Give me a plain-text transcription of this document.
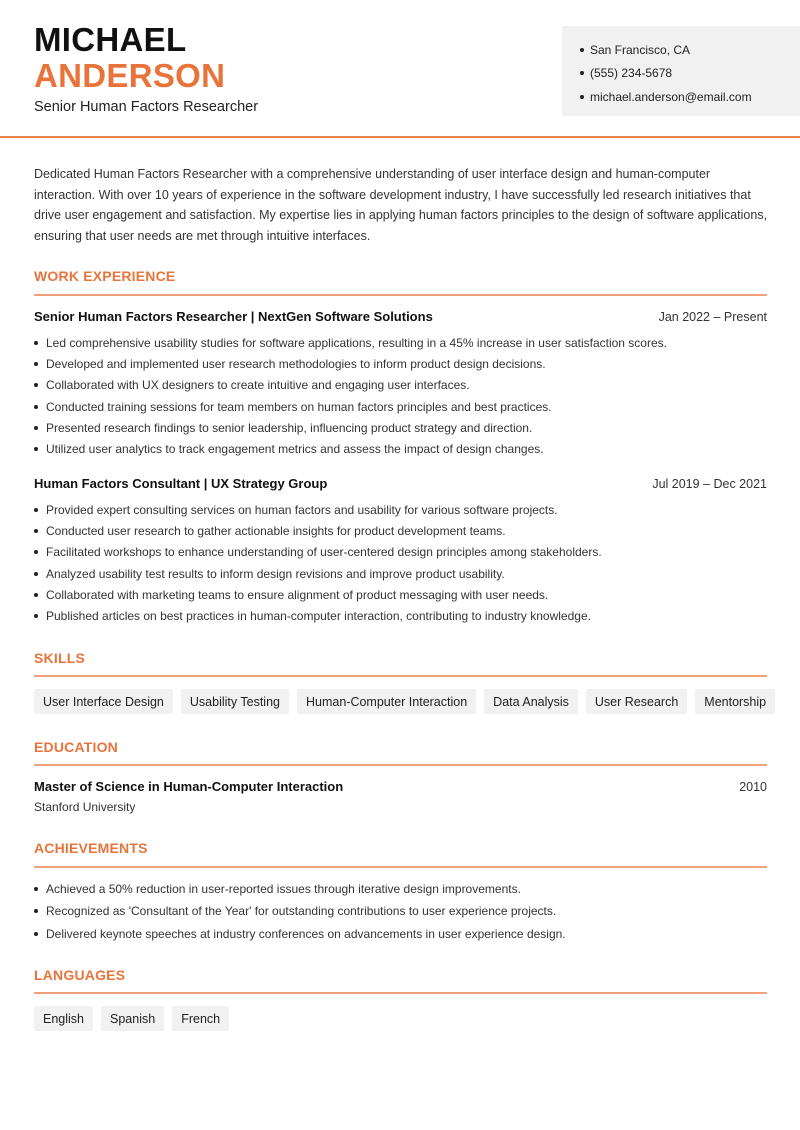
MICHAEL
ANDERSON
Senior Human Factors Researcher
San Francisco, CA
(555) 234-5678
michael.anderson@email.com

Dedicated Human Factors Researcher with a comprehensive understanding of user interface design and human-computer interaction. With over 10 years of experience in the software development industry, I have successfully led research initiatives that drive user engagement and satisfaction. My expertise lies in applying human factors principles to the design of software applications, ensuring that user needs are met through intuitive interfaces.

WORK EXPERIENCE
Senior Human Factors Researcher | NextGen Software Solutions	Jan 2022 – Present
Led comprehensive usability studies for software applications, resulting in a 45% increase in user satisfaction scores.
Developed and implemented user research methodologies to inform product design decisions.
Collaborated with UX designers to create intuitive and engaging user interfaces.
Conducted training sessions for team members on human factors principles and best practices.
Presented research findings to senior leadership, influencing product strategy and direction.
Utilized user analytics to track engagement metrics and assess the impact of design changes.
Human Factors Consultant | UX Strategy Group	Jul 2019 – Dec 2021
Provided expert consulting services on human factors and usability for various software projects.
Conducted user research to gather actionable insights for product development teams.
Facilitated workshops to enhance understanding of user-centered design principles among stakeholders.
Analyzed usability test results to inform design revisions and improve product usability.
Collaborated with marketing teams to ensure alignment of product messaging with user needs.
Published articles on best practices in human-computer interaction, contributing to industry knowledge.
SKILLS
User Interface Design	Usability Testing	Human-Computer Interaction	Data Analysis	User Research	Mentorship
EDUCATION
Master of Science in Human-Computer Interaction	2010
Stanford University
ACHIEVEMENTS
Achieved a 50% reduction in user-reported issues through iterative design improvements.
Recognized as 'Consultant of the Year' for outstanding contributions to user experience projects.
Delivered keynote speeches at industry conferences on advancements in user experience design.
LANGUAGES
English	Spanish	French
